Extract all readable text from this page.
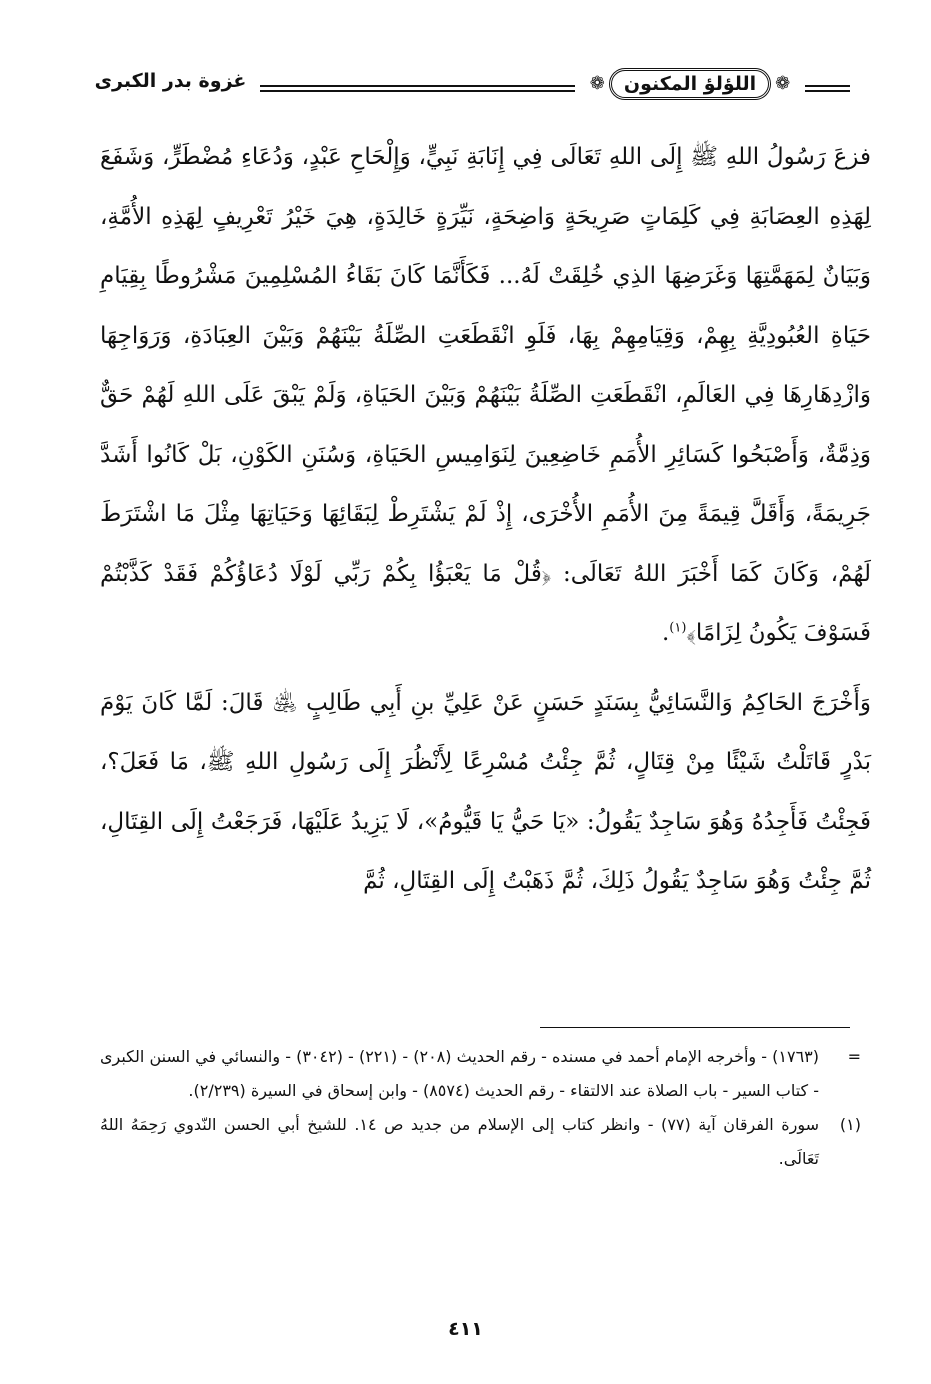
غزوة بدر الكبرى	❁
اللؤلؤ المكنون
❁

فزعَ رَسُولُ اللهِ ﷺ إِلَى اللهِ تَعَالَى فِي إِنَابَةِ نَبِيٍّ، وَإِلْحَاحِ عَبْدٍ، وَدُعَاءِ مُضْطَرٍّ، وَشَفَعَ لِهَذِهِ العِصَابَةِ فِي كَلِمَاتٍ صَرِيحَةٍ وَاضِحَةٍ، نَيِّرَةٍ خَالِدَةٍ، هِيَ خَيْرُ تَعْرِيفٍ لِهَذِهِ الأُمَّةِ، وَبَيَانٌ لِمَهَمَّتِهَا وَغَرَضِهَا الذِي خُلِقَتْ لَهُ... فَكَأَنَّمَا كَانَ بَقَاءُ المُسْلِمِينَ مَشْرُوطًا بِقِيَامِ حَيَاةِ العُبُودِيَّةِ بِهِمْ، وَقِيَامِهِمْ بِهَا، فَلَوِ انْقَطَعَتِ الصِّلَةُ بَيْنَهُمْ وَبَيْنَ العِبَادَةِ، وَرَوَاجِهَا وَازْدِهَارِهَا فِي العَالَمِ، انْقَطَعَتِ الصِّلَةُ بَيْنَهُمْ وَبَيْنَ الحَيَاةِ، وَلَمْ يَبْقَ عَلَى اللهِ لَهُمْ حَقٌّ وَذِمَّةٌ، وَأَصْبَحُوا كَسَائِرِ الأُمَمِ خَاضِعِينَ لِنَوَامِيسِ الحَيَاةِ، وَسُنَنِ الكَوْنِ، بَلْ كَانُوا أَشَدَّ جَرِيمَةً، وَأَقَلَّ قِيمَةً مِنَ الأُمَمِ الأُخْرَى، إِذْ لَمْ يَشْتَرِطْ لِبَقَائِهَا وَحَيَاتِهَا مِثْلَ مَا اشْتَرَطَ لَهُمْ، وَكَانَ كَمَا أَخْبَرَ اللهُ تَعَالَى: ﴿قُلْ مَا يَعْبَؤُا بِكُمْ رَبِّي لَوْلَا دُعَاؤُكُمْ فَقَدْ كَذَّبْتُمْ فَسَوْفَ يَكُونُ لِزَامًا﴾$^{(١)}$.

وَأَخْرَجَ الحَاكِمُ وَالنَّسَائِيُّ بِسَنَدٍ حَسَنٍ عَنْ عَلِيِّ بنِ أَبِي طَالِبٍ ﵁ قَالَ: لَمَّا كَانَ يَوْمَ بَدْرٍ قَاتَلْتُ شَيْئًا مِنْ قِتَالٍ، ثُمَّ جِئْتُ مُسْرِعًا لِأَنْظُرَ إِلَى رَسُولِ اللهِ ﷺ، مَا فَعَلَ؟، فَجِئْتُ فَأَجِدُهُ وَهُوَ سَاجِدٌ يَقُولُ: «يَا حَيُّ يَا قَيُّومُ»، لَا يَزِيدُ عَلَيْهَا، فَرَجَعْتُ إِلَى القِتَالِ، ثُمَّ جِئْتُ وَهُوَ سَاجِدٌ يَقُولُ ذَلِكَ، ثُمَّ ذَهَبْتُ إِلَى القِتَالِ، ثُمَّ

=
(١٧٦٣) - وأخرجه الإمام أحمد في مسنده - رقم الحديث (٢٠٨) - (٢٢١) - (٣٠٤٢) - والنسائي في السنن الكبرى - كتاب السير - باب الصلاة عند الالتقاء - رقم الحديث (٨٥٧٤) - وابن إسحاق في السيرة (٢/٢٣٩).
(١)
سورة الفرقان آية (٧٧) - وانظر كتاب إلى الإسلام من جديد ص ١٤. للشيخ أبي الحسن النّدوي رَحِمَهُ اللهُ تَعَالَى.
٤١١
